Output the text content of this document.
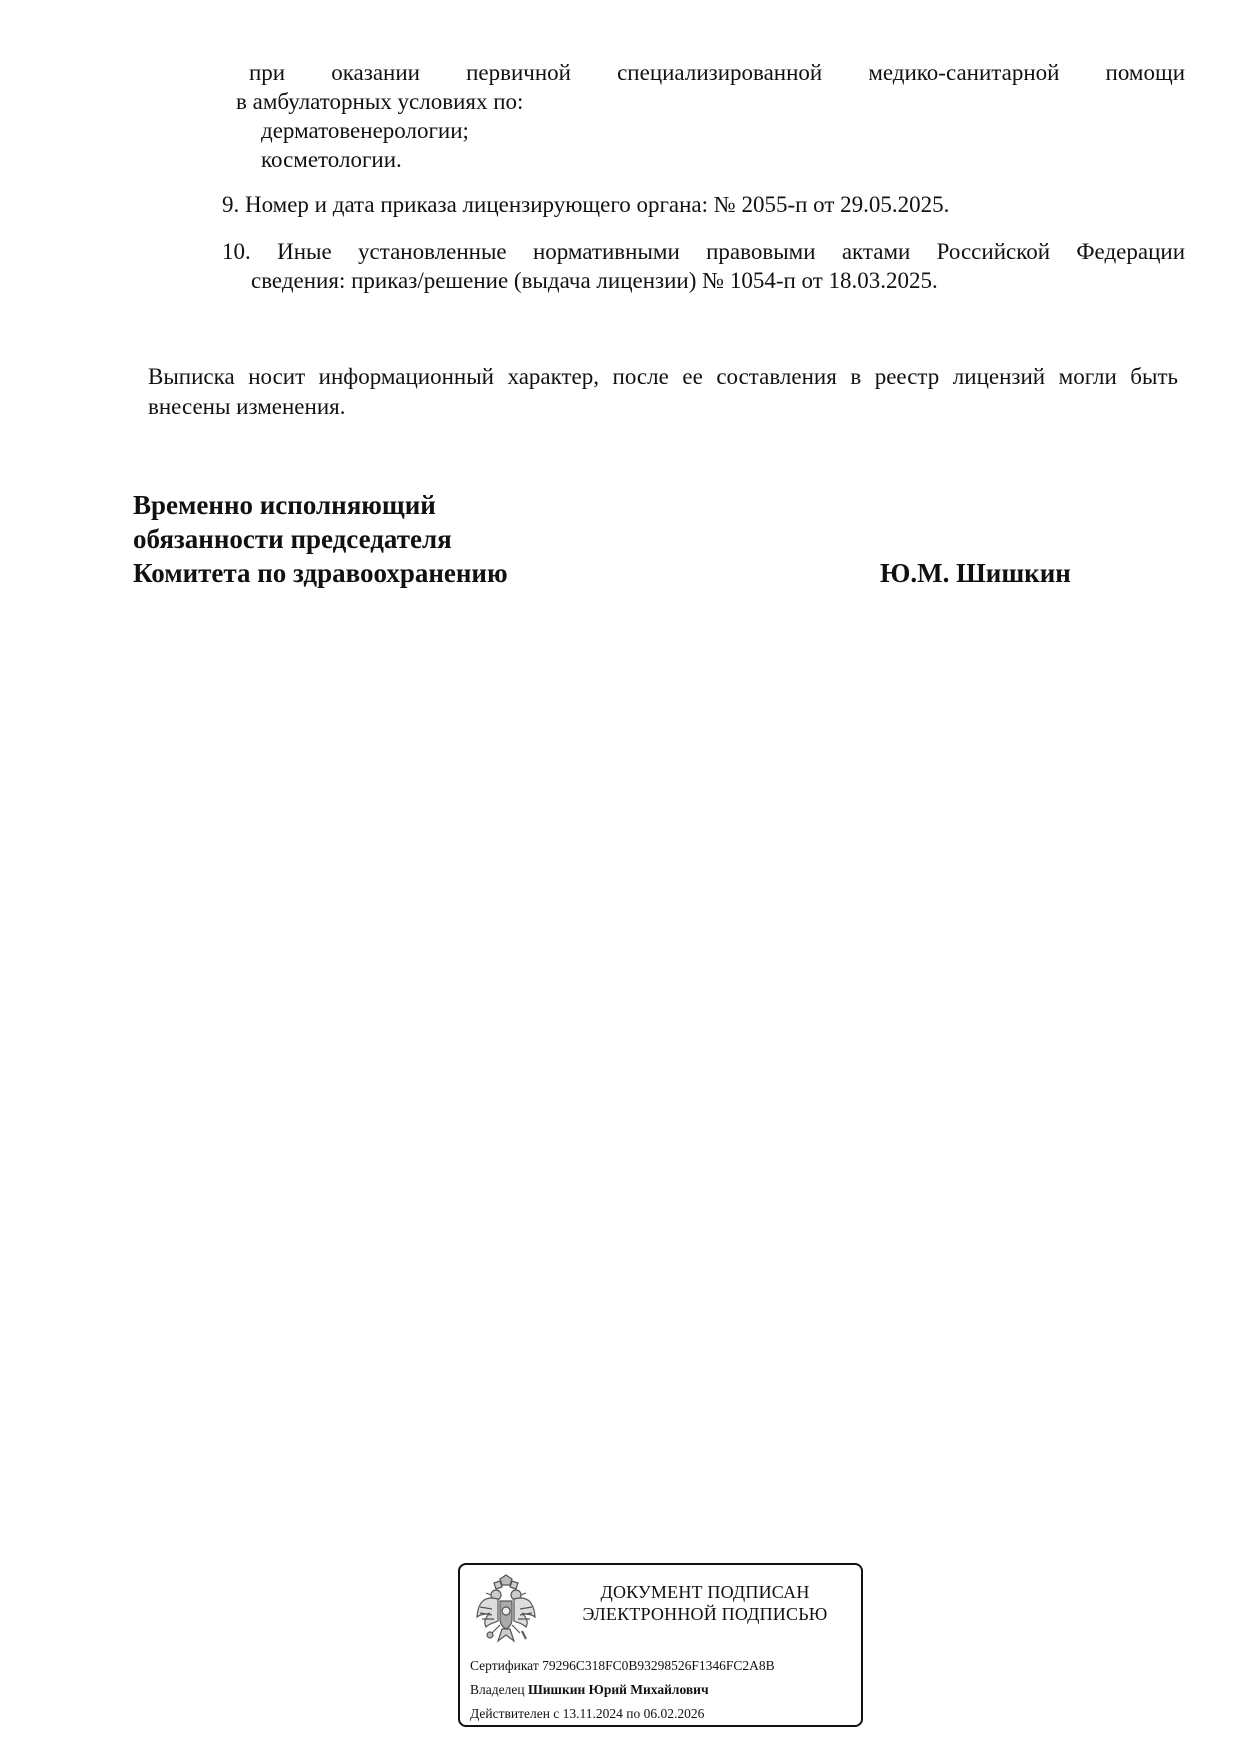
при оказании первичной специализированной медико-санитарной помощи
в амбулаторных условиях по:
дерматовенерологии;
косметологии.
9. Номер и дата приказа лицензирующего органа: № 2055-п от 29.05.2025.
10. Иные установленные нормативными правовыми актами Российской Федерации
сведения: приказ/решение (выдача лицензии) № 1054-п от 18.03.2025.
Выписка носит информационный характер, после ее составления в реестр лицензий могли быть
внесены изменения.
Временно исполняющий
обязанности председателя
Комитета по здравоохранению	Ю.М. Шишкин
ДОКУМЕНТ ПОДПИСАН
ЭЛЕКТРОННОЙ ПОДПИСЬЮ
Сертификат 79296C318FC0B93298526F1346FC2A8B
Владелец Шишкин Юрий Михайлович
Действителен с 13.11.2024 по 06.02.2026
